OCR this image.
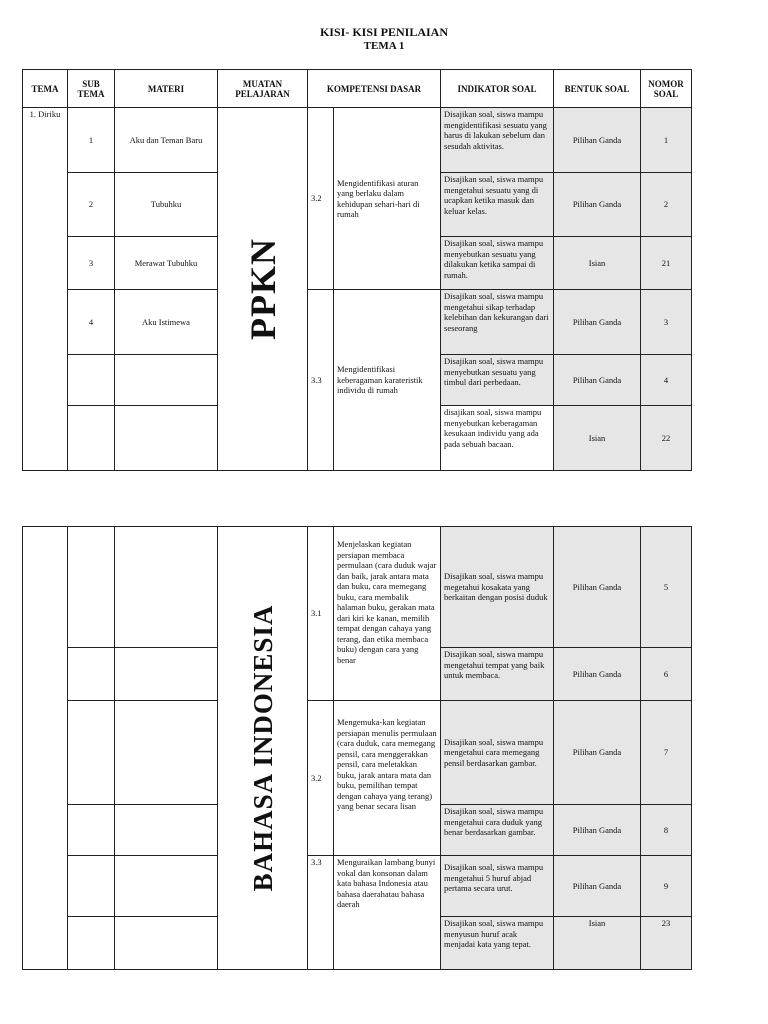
KISI- KISI PENILAIAN
TEMA 1
TEMA	SUB TEMA	MATERI	MUATAN PELAJARAN	KOMPETENSI DASAR		INDIKATOR SOAL	BENTUK SOAL	NOMOR SOAL
1. Diriku	1	Aku dan Teman Baru	PPKN	3.2	Mengidentifikasi aturan yang berlaku dalam kehidupan sehari-hari di rumah	Disajikan soal, siswa mampu mengidentifikasi sesuatu yang harus di lakukan sebelum dan sesudah aktivitas.	Pilihan Ganda	1
	2	Tubuhku				Disajikan soal, siswa mampu mengetahui sesuatu yang di ucapkan ketika masuk dan keluar kelas.	Pilihan Ganda	2
	3	Merawat Tubuhku				Disajikan soal, siswa mampu menyebutkan sesuatu yang dilakukan ketika sampai di rumah.	Isian	21
	4	Aku Istimewa		3.3	Mengidentifikasi keberagaman karateristik individu di rumah	Disajikan soal, siswa mampu mengetahui sikap terhadap kelebihan dan kekurangan dari seseorang	Pilihan Ganda	3
						Disajikan soal, siswa mampu menyebutkan sesuatu yang timbul dari perbedaan.	Pilihan Ganda	4
						disajikan soal, siswa mampu menyebutkan keberagaman kesukaan individu yang ada pada sebuah bacaan.	Isian	22

			BAHASA INDONESIA	3.1	Menjelaskan kegiatan persiapan membaca permulaan (cara duduk wajar dan baik, jarak antara mata dan buku, cara memegang buku, cara membalik halaman buku, gerakan mata dari kiri ke kanan, memilih tempat dengan cahaya yang terang, dan etika membaca buku) dengan cara yang benar	Disajikan soal, siswa mampu megetahui kosakata yang berkaitan dengan posisi duduk	Pilihan Ganda	5
						Disajikan soal, siswa mampu mengetahui tempat yang baik untuk membaca.	Pilihan Ganda	6
				3.2	Mengemuka-kan kegiatan persiapan menulis permulaan (cara duduk, cara memegang pensil, cara menggerakkan pensil, cara meletakkan buku, jarak antara mata dan buku, pemilihan tempat dengan cahaya yang terang) yang benar secara lisan	Disajikan soal, siswa mampu mengetahui cara memegang pensil berdasarkan gambar.	Pilihan Ganda	7
						Disajikan soal, siswa mampu mengetahui cara duduk yang benar berdasarkan gambar.	Pilihan Ganda	8
				3.3	Menguraikan lambang bunyi vokal dan konsonan dalam kata bahasa Indonesia atau bahasa daerahatau bahasa daerah	Disajikan soal, siswa mampu mengetahui 5 huruf abjad pertama secara urut.	Pilihan Ganda	9
						Disajikan soal, siswa mampu menyusun huruf acak menjadai kata yang tepat.	Isian	23
